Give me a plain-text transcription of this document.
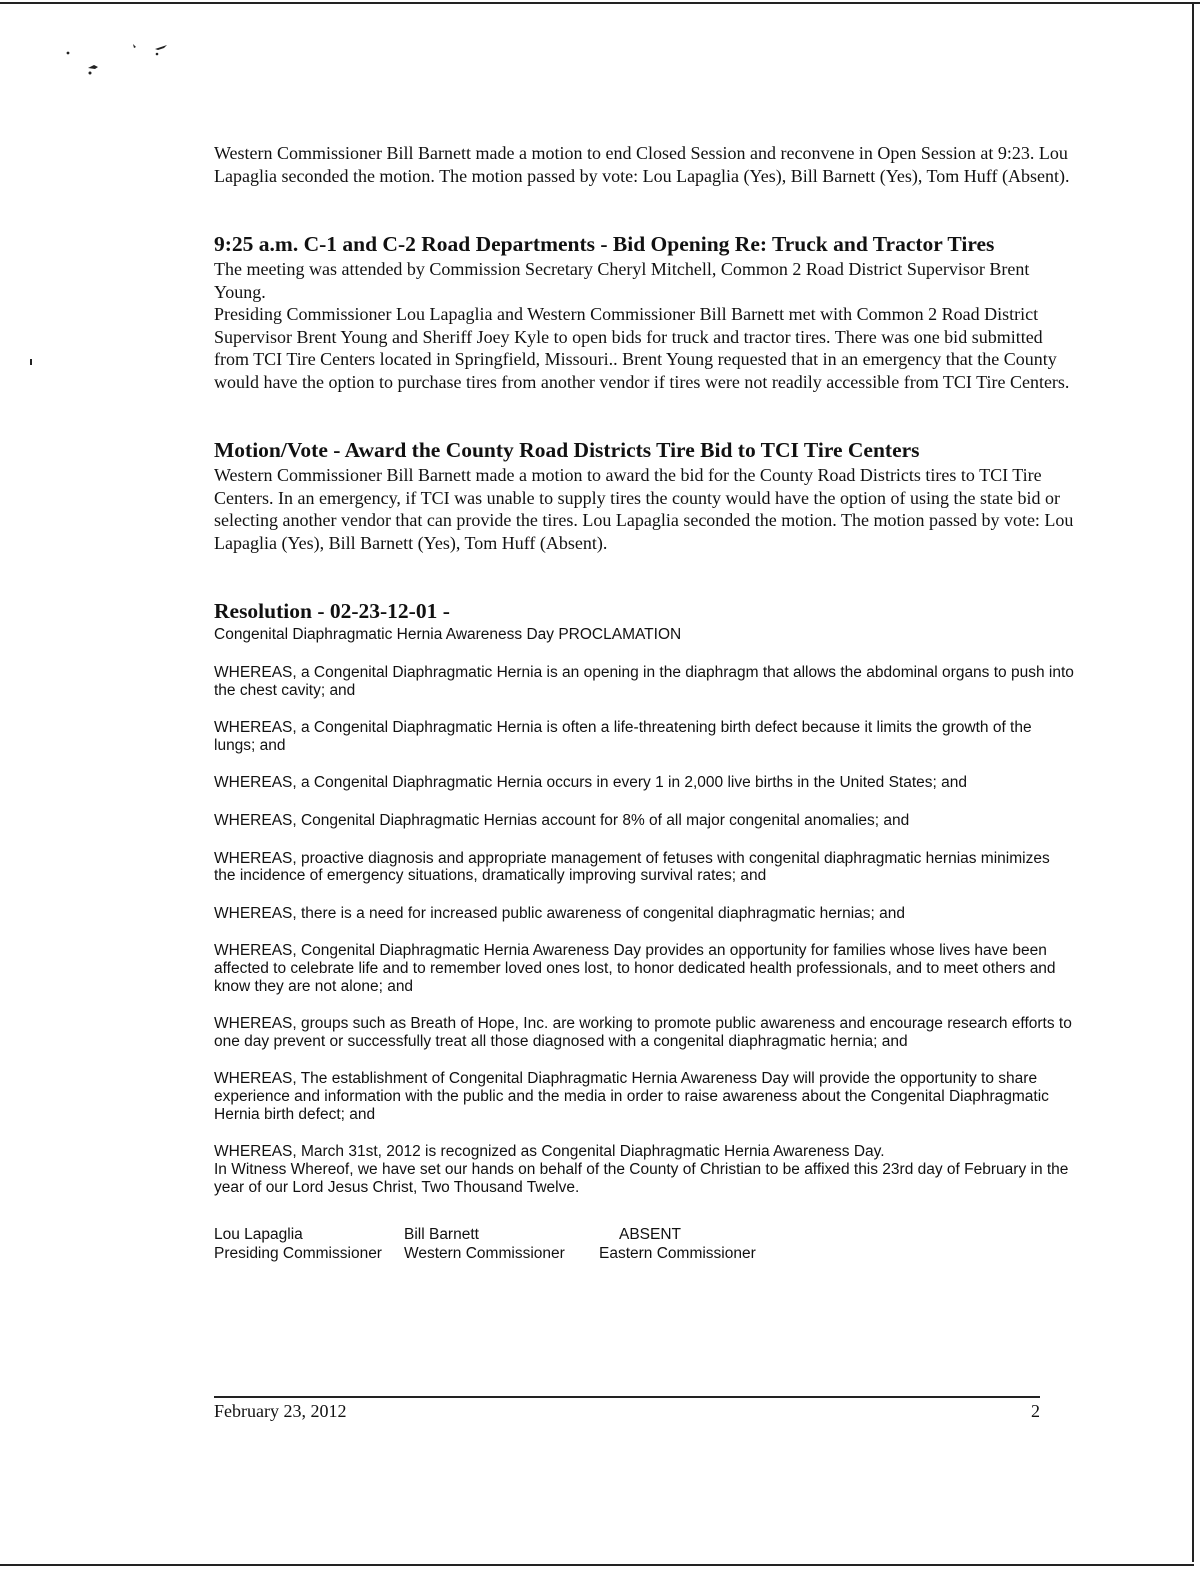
Western Commissioner Bill Barnett made a motion to end Closed Session and reconvene in Open Session at 9:23. Lou Lapaglia seconded the motion. The motion passed by vote: Lou Lapaglia (Yes), Bill Barnett (Yes), Tom Huff (Absent).

9:25 a.m. C-1 and C-2 Road Departments - Bid Opening Re: Truck and Tractor Tires

The meeting was attended by Commission Secretary Cheryl Mitchell, Common 2 Road District Supervisor Brent Young.

Presiding Commissioner Lou Lapaglia and Western Commissioner Bill Barnett met with Common 2 Road District Supervisor Brent Young and Sheriff Joey Kyle to open bids for truck and tractor tires. There was one bid submitted from TCI Tire Centers located in Springfield, Missouri.. Brent Young requested that in an emergency that the County would have the option to purchase tires from another vendor if tires were not readily accessible from TCI Tire Centers.

Motion/Vote - Award the County Road Districts Tire Bid to TCI Tire Centers

Western Commissioner Bill Barnett made a motion to award the bid for the County Road Districts tires to TCI Tire Centers. In an emergency, if TCI was unable to supply tires the county would have the option of using the state bid or selecting another vendor that can provide the tires. Lou Lapaglia seconded the motion. The motion passed by vote: Lou Lapaglia (Yes), Bill Barnett (Yes), Tom Huff (Absent).

Resolution - 02-23-12-01 -

Congenital Diaphragmatic Hernia Awareness Day PROCLAMATION

WHEREAS, a Congenital Diaphragmatic Hernia is an opening in the diaphragm that allows the abdominal organs to push into the chest cavity; and

WHEREAS, a Congenital Diaphragmatic Hernia is often a life-threatening birth defect because it limits the growth of the lungs; and

WHEREAS, a Congenital Diaphragmatic Hernia occurs in every 1 in 2,000 live births in the United States; and

WHEREAS, Congenital Diaphragmatic Hernias account for 8% of all major congenital anomalies; and

WHEREAS, proactive diagnosis and appropriate management of fetuses with congenital diaphragmatic hernias minimizes the incidence of emergency situations, dramatically improving survival rates; and

WHEREAS, there is a need for increased public awareness of congenital diaphragmatic hernias; and

WHEREAS, Congenital Diaphragmatic Hernia Awareness Day provides an opportunity for families whose lives have been affected to celebrate life and to remember loved ones lost, to honor dedicated health professionals, and to meet others and know they are not alone; and

WHEREAS, groups such as Breath of Hope, Inc. are working to promote public awareness and encourage research efforts to one day prevent or successfully treat all those diagnosed with a congenital diaphragmatic hernia; and

WHEREAS, The establishment of Congenital Diaphragmatic Hernia Awareness Day will provide the opportunity to share experience and information with the public and the media in order to raise awareness about the Congenital Diaphragmatic Hernia birth defect; and

WHEREAS, March 31st, 2012 is recognized as Congenital Diaphragmatic Hernia Awareness Day.
In Witness Whereof, we have set our hands on behalf of the County of Christian to be affixed this 23rd day of February in the year of our Lord Jesus Christ, Two Thousand Twelve.
Lou Lapaglia
Presiding Commissioner
Bill Barnett
Western Commissioner
ABSENT
Eastern Commissioner
February 23, 2012	2
